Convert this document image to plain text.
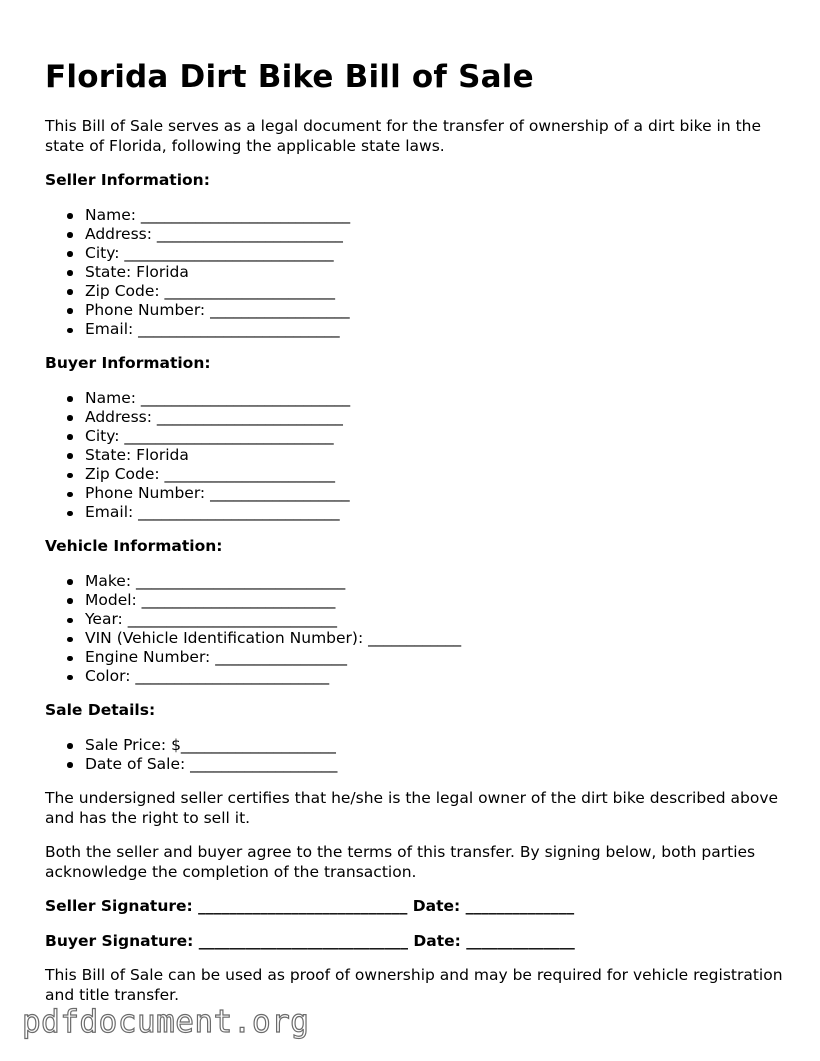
Florida Dirt Bike Bill of Sale

This Bill of Sale serves as a legal document for the transfer of ownership of a dirt bike in the state of Florida, following the applicable state laws.

Seller Information:

Name: ___________________________
Address: ________________________
City: ___________________________
State: Florida
Zip Code: ______________________
Phone Number: __________________
Email: __________________________

Buyer Information:

Name: ___________________________
Address: ________________________
City: ___________________________
State: Florida
Zip Code: ______________________
Phone Number: __________________
Email: __________________________

Vehicle Information:

Make: ___________________________
Model: _________________________
Year: ___________________________
VIN (Vehicle Identification Number): ____________
Engine Number: _________________
Color: _________________________

Sale Details:

Sale Price: $____________________
Date of Sale: ___________________

The undersigned seller certifies that he/she is the legal owner of the dirt bike described above and has the right to sell it.

Both the seller and buyer agree to the terms of this transfer. By signing below, both parties acknowledge the completion of the transaction.

Seller Signature: ___________________________ Date: ______________

Buyer Signature: ___________________________ Date: ______________

This Bill of Sale can be used as proof of ownership and may be required for vehicle registration and title transfer.

pdfdocument.org
